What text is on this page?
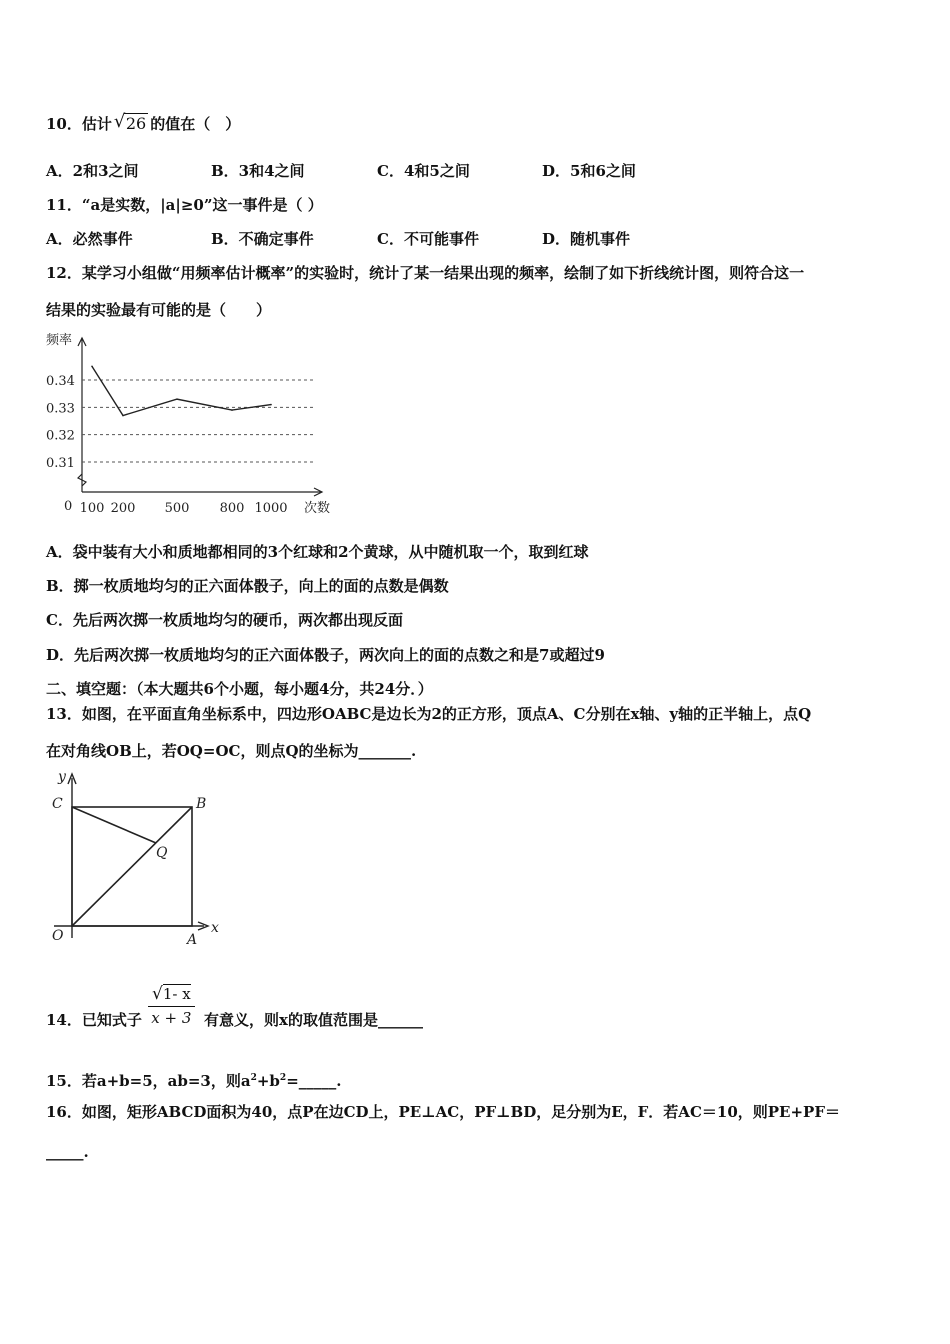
10．估计 √ 26 的值在（　）
A．2和3之间	B．3和4之间	C．4和5之间	D．5和6之间
11．“a是实数，|a|≥0”这一事件是（ ）
A．必然事件	B．不确定事件	C．不可能事件	D．随机事件
12．某学习小组做“用频率估计概率”的实验时，统计了某一结果出现的频率，绘制了如下折线统计图，则符合这一
结果的实验最有可能的是（　　）
频率
次数
0
0.34
0.33
0.32
0.31
100 200 500 800 1000
A．袋中装有大小和质地都相同的3个红球和2个黄球，从中随机取一个，取到红球
B．掷一枚质地均匀的正六面体骰子，向上的面的点数是偶数
C．先后两次掷一枚质地均匀的硬币，两次都出现反面
D．先后两次掷一枚质地均匀的正六面体骰子，两次向上的面的点数之和是7或超过9
二、填空题：（本大题共6个小题，每小题4分，共24分．）
13．如图，在平面直角坐标系中，四边形OABC是边长为2的正方形，顶点A、C分别在x轴、y轴的正半轴上，点Q
在对角线OB上，若OQ=OC，则点Q的坐标为_______.
y
x
O	A
B
C
Q
14．已知式子 $\frac{√1- x}{x + 3}$ 有意义，则x的取值范围是______
15．若a+b=5，ab=3，则$a^2+b^2=\_\_\_\_\_$.
16．如图，矩形ABCD面积为40，点P在边CD上，PE⊥AC，PF⊥BD，足分别为E，F．若AC＝10，则PE+PF＝
_____.
